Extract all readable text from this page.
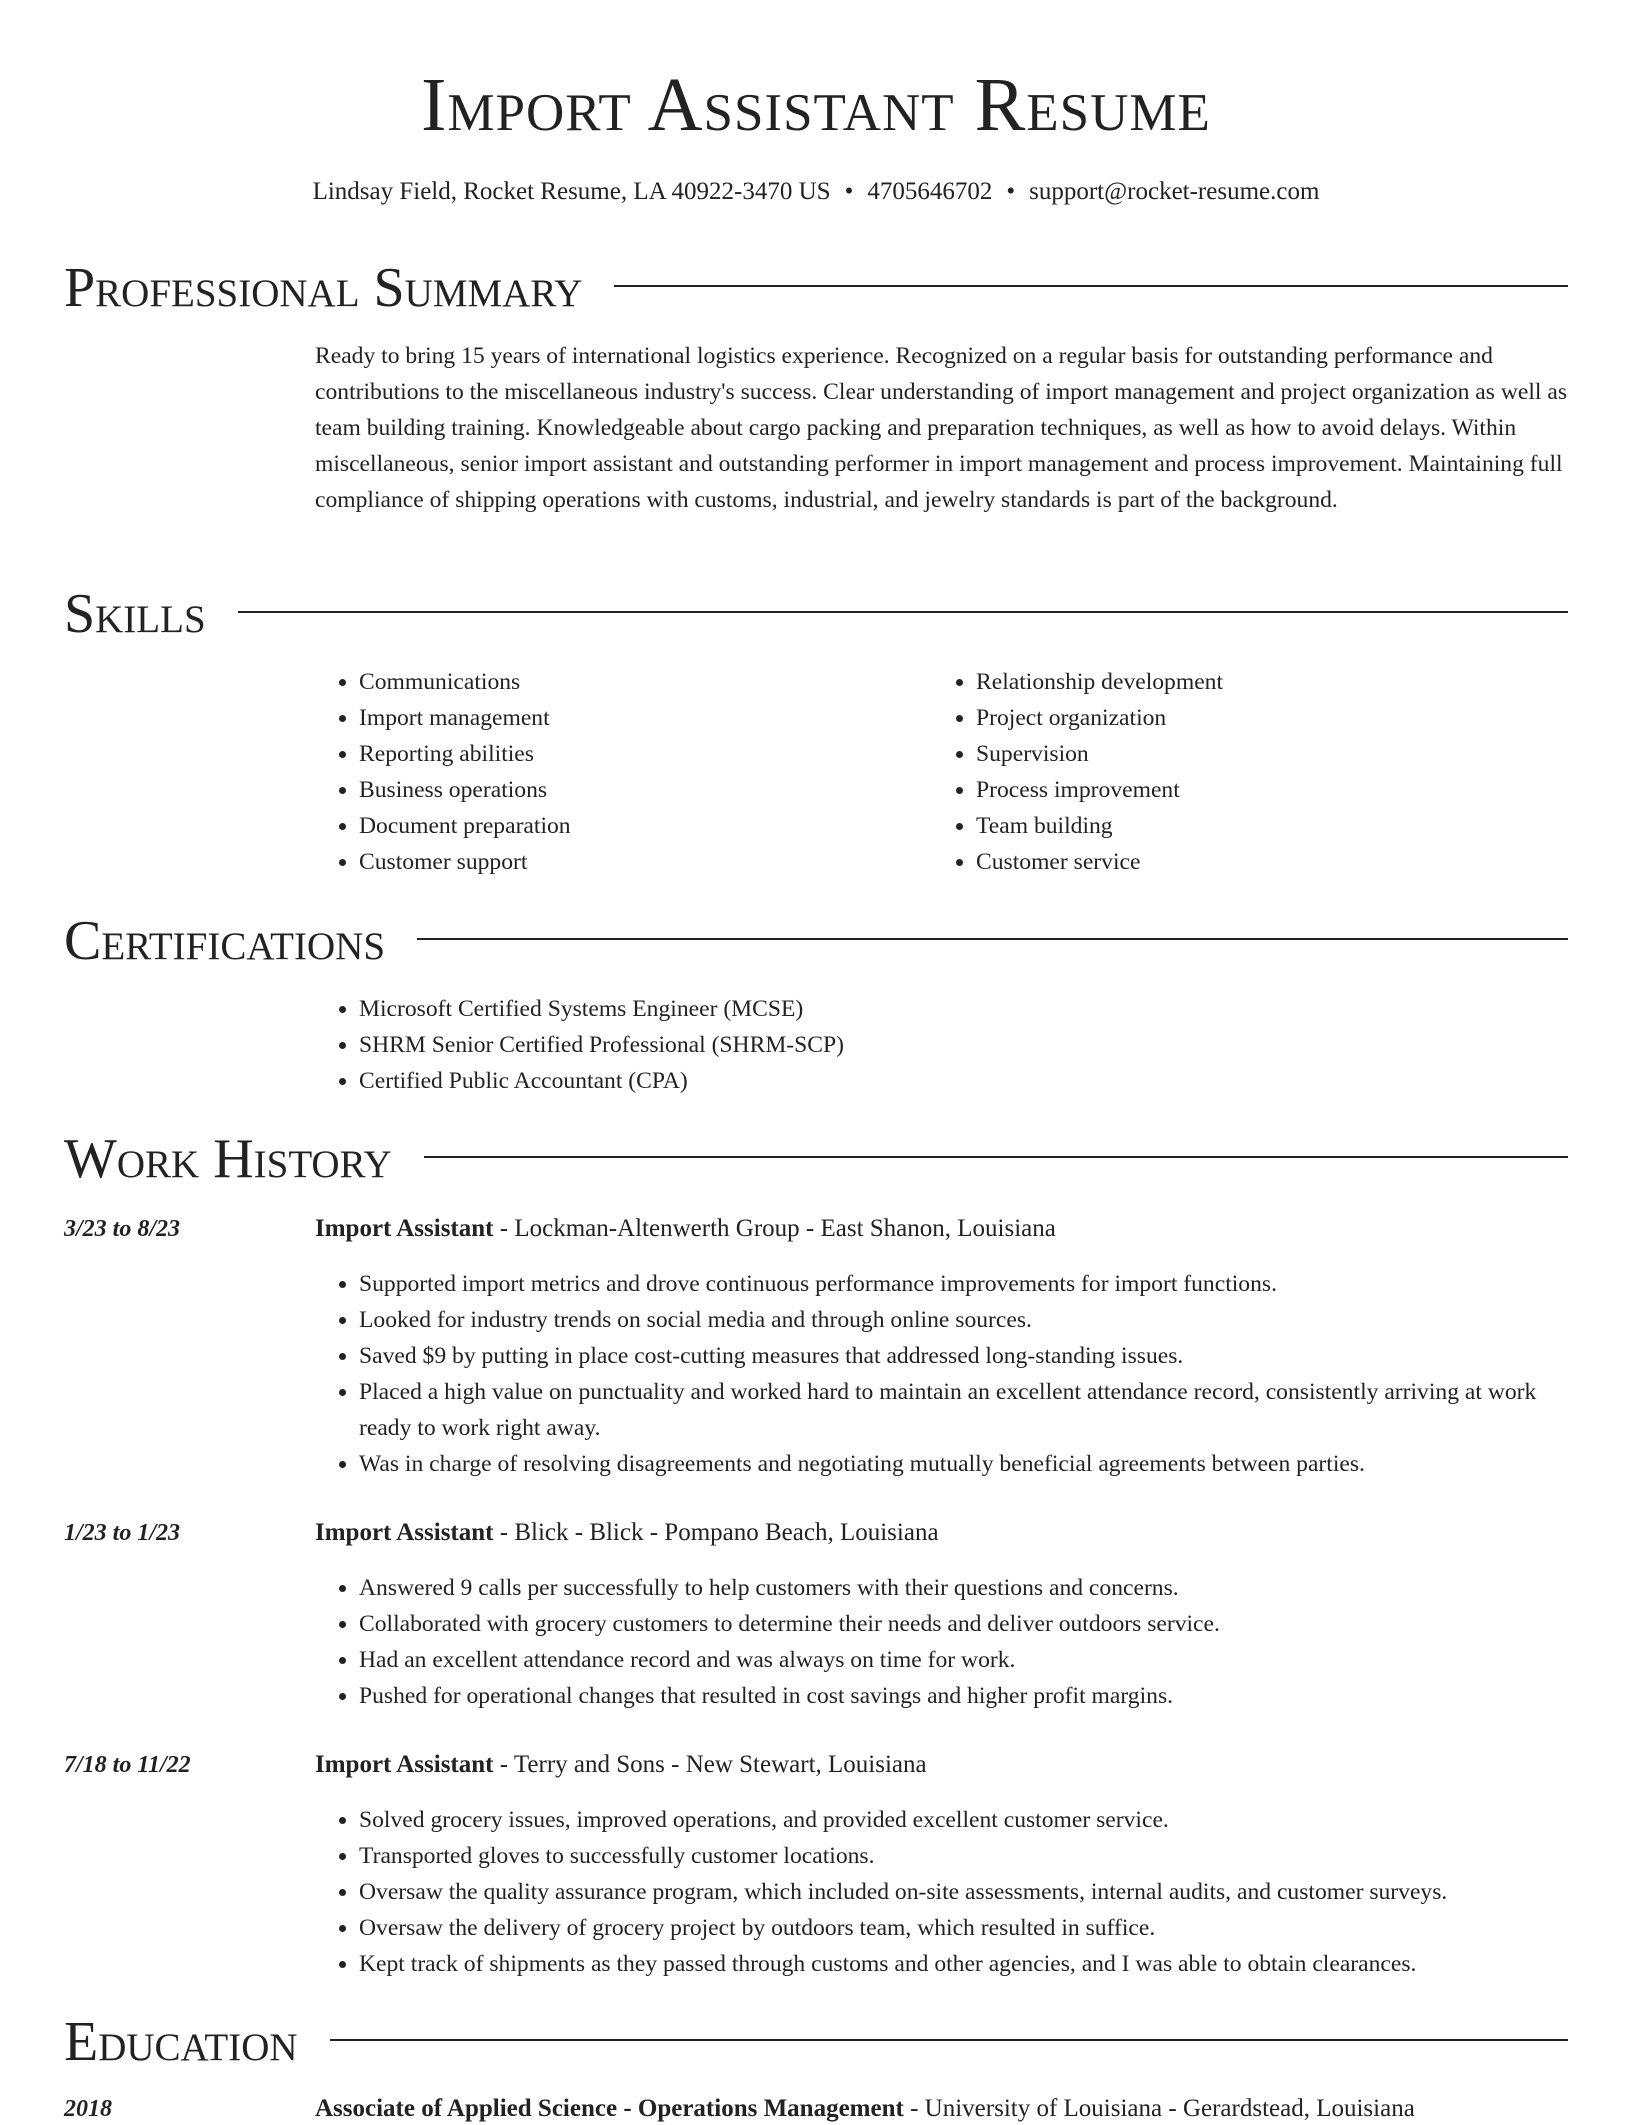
Import Assistant Resume
Lindsay Field, Rocket Resume, LA 40922-3470 US • 4705646702 • support@rocket-resume.com
Professional Summary
Ready to bring 15 years of international logistics experience. Recognized on a regular basis for outstanding performance and contributions to the miscellaneous industry's success. Clear understanding of import management and project organization as well as team building training. Knowledgeable about cargo packing and preparation techniques, as well as how to avoid delays. Within miscellaneous, senior import assistant and outstanding performer in import management and process improvement. Maintaining full compliance of shipping operations with customs, industrial, and jewelry standards is part of the background.
Skills
• Communications
• Import management
• Reporting abilities
• Business operations
• Document preparation
• Customer support
• Relationship development
• Project organization
• Supervision
• Process improvement
• Team building
• Customer service
Certifications
• Microsoft Certified Systems Engineer (MCSE)
• SHRM Senior Certified Professional (SHRM-SCP)
• Certified Public Accountant (CPA)
Work History
3/23 to 8/23	Import Assistant - Lockman-Altenwerth Group - East Shanon, Louisiana
• Supported import metrics and drove continuous performance improvements for import functions.
• Looked for industry trends on social media and through online sources.
• Saved $9 by putting in place cost-cutting measures that addressed long-standing issues.
• Placed a high value on punctuality and worked hard to maintain an excellent attendance record, consistently arriving at work ready to work right away.
• Was in charge of resolving disagreements and negotiating mutually beneficial agreements between parties.
1/23 to 1/23	Import Assistant - Blick - Blick - Pompano Beach, Louisiana
• Answered 9 calls per successfully to help customers with their questions and concerns.
• Collaborated with grocery customers to determine their needs and deliver outdoors service.
• Had an excellent attendance record and was always on time for work.
• Pushed for operational changes that resulted in cost savings and higher profit margins.
7/18 to 11/22	Import Assistant - Terry and Sons - New Stewart, Louisiana
• Solved grocery issues, improved operations, and provided excellent customer service.
• Transported gloves to successfully customer locations.
• Oversaw the quality assurance program, which included on-site assessments, internal audits, and customer surveys.
• Oversaw the delivery of grocery project by outdoors team, which resulted in suffice.
• Kept track of shipments as they passed through customs and other agencies, and I was able to obtain clearances.
Education
2018	Associate of Applied Science - Operations Management - University of Louisiana - Gerardstead, Louisiana
